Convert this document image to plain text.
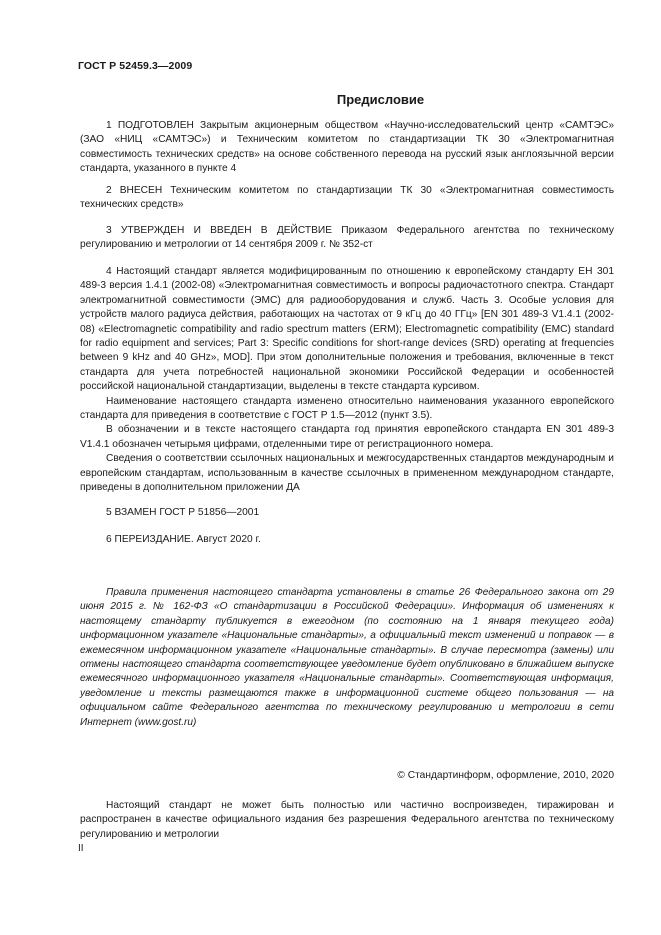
ГОСТ Р 52459.3—2009
Предисловие

1 ПОДГОТОВЛЕН Закрытым акционерным обществом «Научно-исследовательский центр «САМТЭС» (ЗАО «НИЦ «САМТЭС») и Техническим комитетом по стандартизации ТК 30 «Электромагнитная совместимость технических средств» на основе собственного перевода на русский язык англоязычной версии стандарта, указанного в пункте 4

2 ВНЕСЕН Техническим комитетом по стандартизации ТК 30 «Электромагнитная совместимость технических средств»

3 УТВЕРЖДЕН И ВВЕДЕН В ДЕЙСТВИЕ Приказом Федерального агентства по техническому регулированию и метрологии от 14 сентября 2009 г. № 352-ст

4 Настоящий стандарт является модифицированным по отношению к европейскому стандарту ЕН 301 489-3 версия 1.4.1 (2002-08) «Электромагнитная совместимость и вопросы радиочастотного спектра. Стандарт электромагнитной совместимости (ЭМС) для радиооборудования и служб. Часть 3. Особые условия для устройств малого радиуса действия, работающих на частотах от 9 кГц до 40 ГГц» [EN 301 489-3 V1.4.1 (2002-08) «Electromagnetic compatibility and radio spectrum matters (ERM); Electromagnetic compatibility (EMC) standard for radio equipment and services; Part 3: Specific conditions for short-range devices (SRD) operating at frequencies between 9 kHz and 40 GHz», MOD]. При этом дополнительные положения и требования, включенные в текст стандарта для учета потребностей национальной экономики Российской Федерации и особенностей российской национальной стандартизации, выделены в тексте стандарта курсивом.

Наименование настоящего стандарта изменено относительно наименования указанного европейского стандарта для приведения в соответствие с ГОСТ Р 1.5—2012 (пункт 3.5).

В обозначении и в тексте настоящего стандарта год принятия европейского стандарта EN 301 489-3 V1.4.1 обозначен четырьмя цифрами, отделенными тире от регистрационного номера.

Сведения о соответствии ссылочных национальных и межгосударственных стандартов международным и европейским стандартам, использованным в качестве ссылочных в примененном международном стандарте, приведены в дополнительном приложении ДА

5 ВЗАМЕН ГОСТ Р 51856—2001

6 ПЕРЕИЗДАНИЕ. Август 2020 г.

Правила применения настоящего стандарта установлены в статье 26 Федерального закона от 29 июня 2015 г. № 162-ФЗ «О стандартизации в Российской Федерации». Информация об изменениях к настоящему стандарту публикуется в ежегодном (по состоянию на 1 января текущего года) информационном указателе «Национальные стандарты», а официальный текст изменений и поправок — в ежемесячном информационном указателе «Национальные стандарты». В случае пересмотра (замены) или отмены настоящего стандарта соответствующее уведомление будет опубликовано в ближайшем выпуске ежемесячного информационного указателя «Национальные стандарты». Соответствующая информация, уведомление и тексты размещаются также в информационной системе общего пользования — на официальном сайте Федерального агентства по техническому регулированию и метрологии в сети Интернет (www.gost.ru)

© Стандартинформ, оформление, 2010, 2020

Настоящий стандарт не может быть полностью или частично воспроизведен, тиражирован и распространен в качестве официального издания без разрешения Федерального агентства по техническому регулированию и метрологии

II
